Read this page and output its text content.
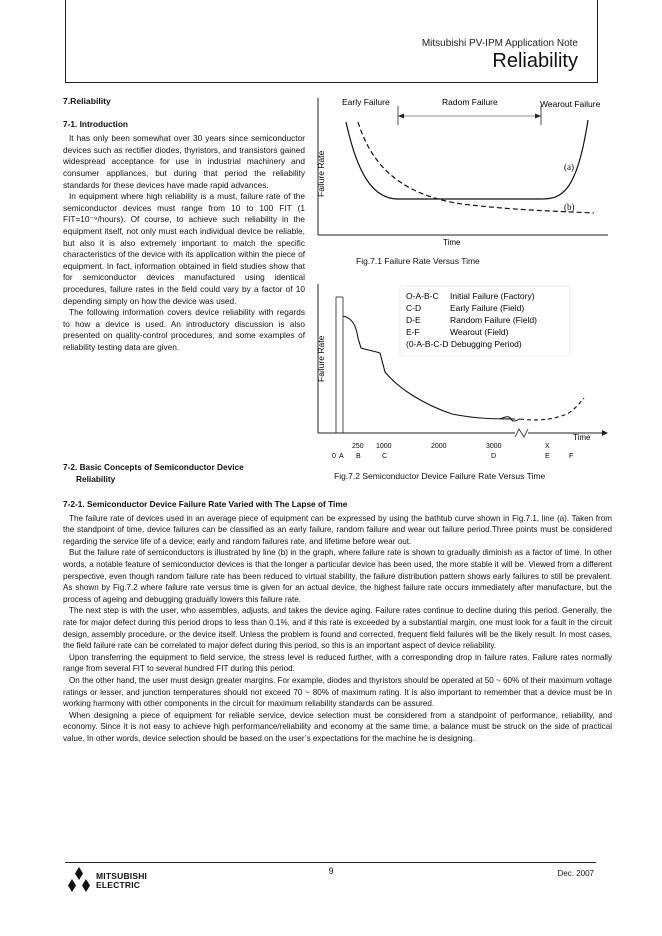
Mitsubishi PV-IPM Application Note
Reliability
7.Reliability
7-1. Introduction

It has only been somewhat over 30 years since semiconductor devices such as rectifier diodes, thyristors, and transistors gained widespread acceptance for use in industrial machinery and consumer appliances, but during that period the reliability standards for these devices have made rapid advances.

In equipment where high reliability is a must, failure rate of the semiconductor devices must range from 10 to 100 FIT (1 FIT=10⁻⁹/hours). Of course, to achieve such reliability in the equipment itself, not only must each individual device be reliable, but also it is also extremely important to match the specific characteristics of the device with its application within the piece of equipment. In fact, information obtained in field studies show that for semiconductor devices manufactured using identical procedures, failure rates in the field could vary by a factor of 10 depending simply on how the device was used.

The following information covers device reliability with regards to how a device is used. An introductory discussion is also presented on quality-control procedures, and some examples of reliability testing data are given.

Early Failure	Radom Failure	Wearout Failure
(a)
(b)
Failure Rate
Time
Fig.7.1 Failure Rate Versus Time
O-A-B-C Initial Failure (Factory)
C-D	Early Failure (Field)
D-E	Random Failure (Field)
E-F	Wearout (Field)
(0-A-B-C-D Debugging Period)
Failure Rate
Time
250 1000	2000	3000	X
0 A B	C	D	E	F
Fig.7.2 Semiconductor Device Failure Rate Versus Time
7-2. Basic Concepts of Semiconductor Device
Reliability
7-2-1. Semiconductor Device Failure Rate Varied with The Lapse of Time

The failure rate of devices used in an average piece of equipment can be expressed by using the bathtub curve shown in Fig.7.1, line (a). Taken from the standpoint of time, device failures can be classified as an early failure, random failure and wear out failure period.Three points must be considered regarding the service life of a device; early and random failures rate, and lifetime before wear out.

But the failure rate of semiconductors is illustrated by line (b) in the graph, where failure rate is shown to gradually diminish as a factor of time. In other words, a notable feature of semiconductor devices is that the longer a particular device has been used, the more stable it will be. Viewed from a different perspective, even though random failure rate has been reduced to virtual stability, the failure distribution pattern shows early failures to still be prevalent. As shown by Fig.7.2 where failure rate versus time is given for an actual device, the highest failure rate occurs immediately after manufacture, but the process of ageing and debugging gradually lowers this failure rate.

The next step is with the user, who assembles, adjusts, and takes the device aging. Failure rates continue to decline during this period. Generally, the rate for major defect during this period drops to less than 0.1%, and if this rate is exceeded by a substantial margin, one must look for a fault in the circuit design, assembly procedure, or the device itself. Unless the problem is found and corrected, frequent field failures will be the likely result. In most cases, the field failure rate can be correlated to major defect during this period, so this is an important aspect of device reliability.

Upon transferring the equipment to field service, the stress level is reduced further, with a corresponding drop in failure rates. Failure rates normally range from several FIT to several hundred FIT during this period.

On the other hand, the user must design greater margins. For example, diodes and thyristors should be operated at 50 ~ 60% of their maximum voltage ratings or lesser, and junction temperatures should not exceed 70 ~ 80% of maximum rating. It is also important to remember that a device must be in working harmony with other components in the circuit for maximum reliability standards can be assured.

When designing a piece of equipment for reliable service, device selection must be considered from a standpoint of performance, reliability, and economy. Since it is not easy to achieve high performance/reliability and economy at the same time, a balance must be struck on the side of practical value. In other words, device selection should be based on the user’s expectations for the machine he is designing.

MITSUBISHI
ELECTRIC
9	Dec. 2007
